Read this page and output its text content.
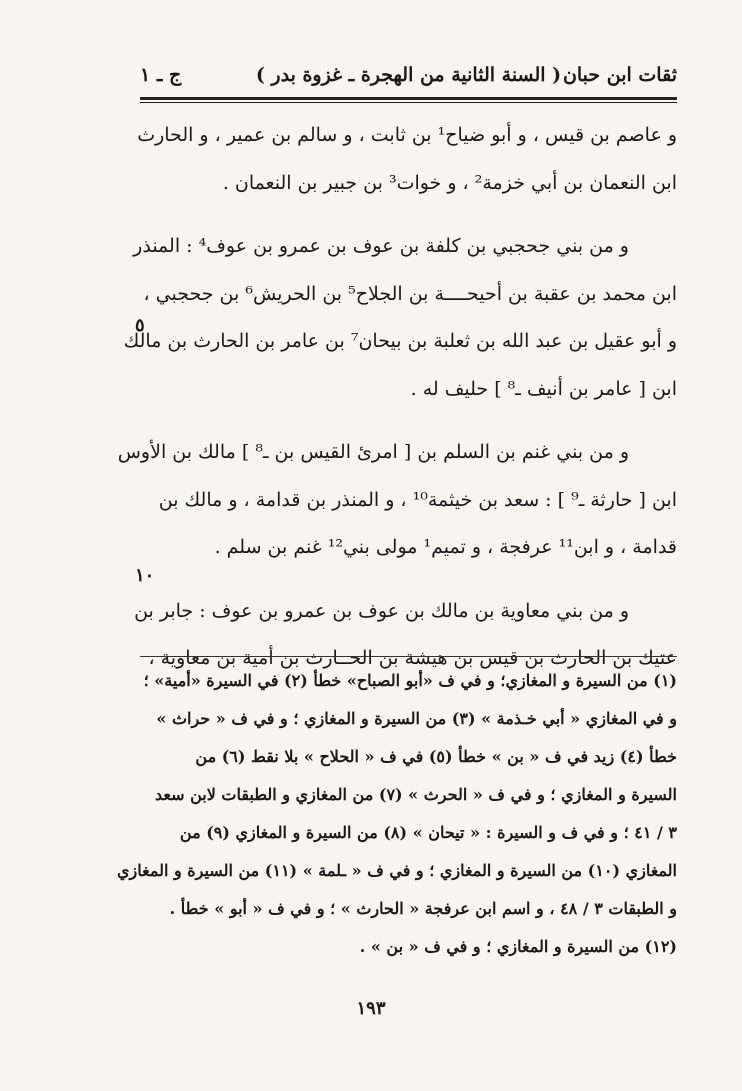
ثقات ابن حبان
( السنة الثانية من الهجرة ـ غزوة بدر )
ج ـ ١
و عاصم بن قيس ، و أبو ضياح¹ بن ثابت ، و سالم بن عمير ، و الحارث
ابن النعمان بن أبي خزمة² ، و خوات³ بن جبير بن النعمان .
و من بني جحجبي بن كلفة بن عوف بن عمرو بن عوف⁴ : المنذر
ابن محمد بن عقبة بن أحيحــــة بن الجلاح⁵ بن الحريش⁶ بن جحجبي ،
و أبو عقيل بن عبد الله بن ثعلبة بن بيحان⁷ بن عامر بن الحارث بن مالك
ابن [ عامر بن أنيف ـ⁸ ] حليف له .
و من بني غنم بن السلم بن [ امرئ القيس بن ـ⁸ ] مالك بن الأوس
ابن [ حارثة ـ⁹ ] : سعد بن خيثمة¹⁰ ، و المنذر بن قدامة ، و مالك بن
قدامة ، و ابن¹¹ عرفجة ، و تميم¹ مولى بني¹² غنم بن سلم .
و من بني معاوية بن مالك بن عوف بن عمرو بن عوف : جابر بن
عتيك بن الحارث بن قيس بن هيشة بن الحــارث بن أمية بن معاوية ،
٥
١٠
(١) من السيرة و المغازي؛ و في ف «أبو الصباح» خطأ (٢) في السيرة «أمية» ؛
و في المغازي « أبي خـذمة » (٣) من السيرة و المغازي ؛ و في ف « حراث »
خطأ (٤) زيد في ف « بن » خطأ (٥) في ف « الحلاح » بلا نقط (٦) من
السيرة و المغازي ؛ و في ف « الحرث » (٧) من المغازي و الطبقات لابن سعد
٣ / ٤١ ؛ و في ف و السيرة : « تيحان » (٨) من السيرة و المغازي (٩) من
المغازي (١٠) من السيرة و المغازي ؛ و في ف « ـلمة » (١١) من السيرة و المغازي
و الطبقات ٣ / ٤٨ ، و اسم ابن عرفجة « الحارث » ؛ و في ف « أبو » خطأ .
(١٢) من السيرة و المغازي ؛ و في ف « بن » .
١٩٣
